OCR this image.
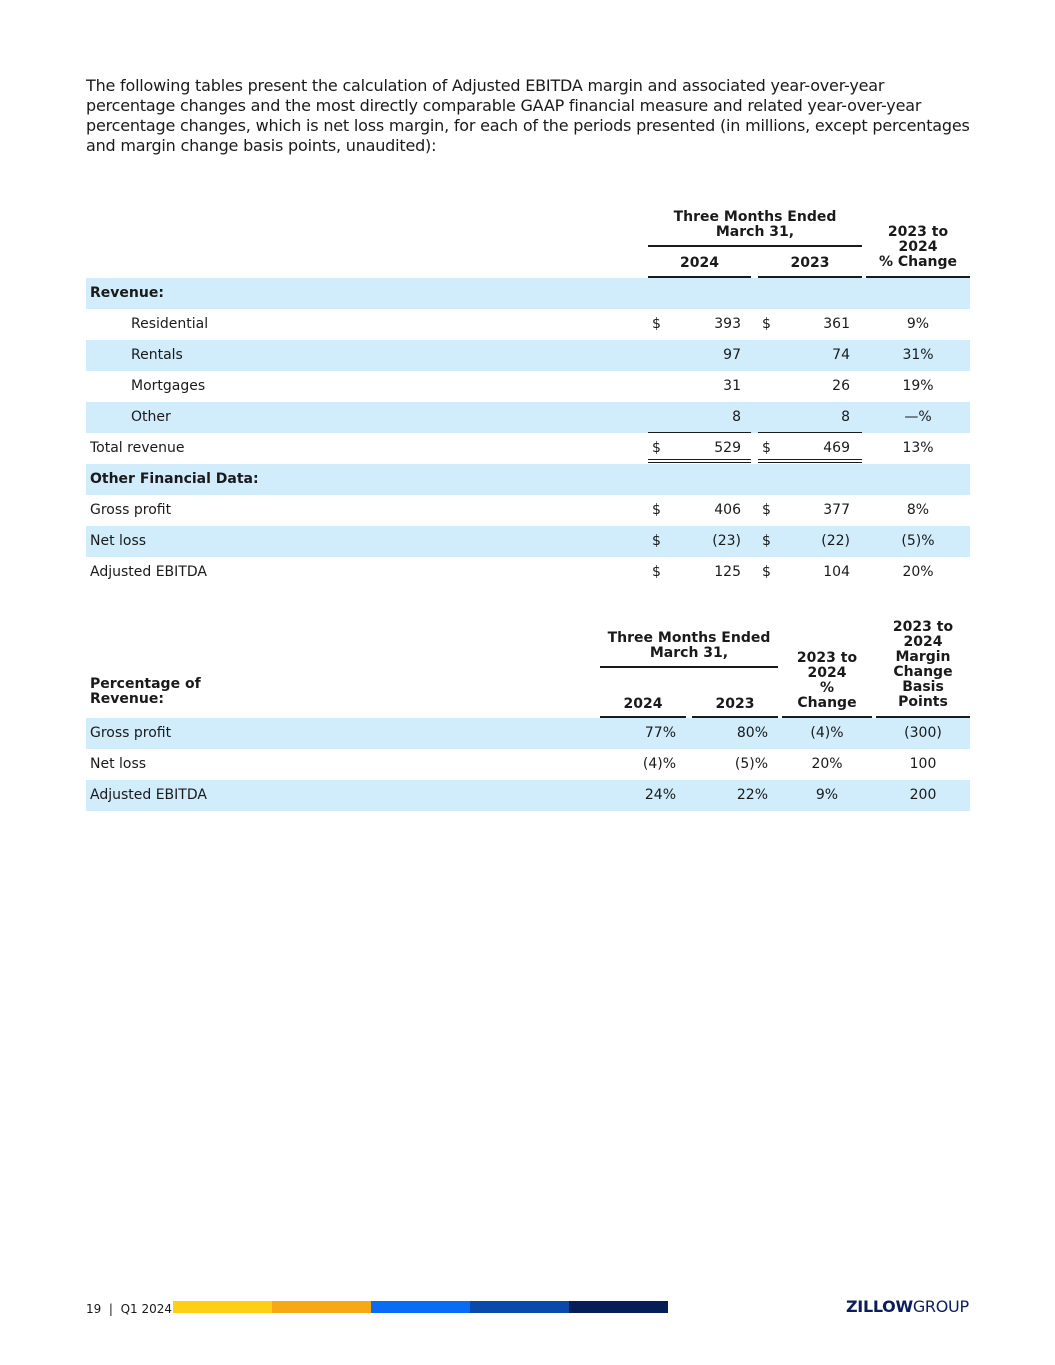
The following tables present the calculation of Adjusted EBITDA margin and associated year-over-year percentage changes and the most directly comparable GAAP financial measure and related year-over-year percentage changes, which is net loss margin, for each of the periods presented (in millions, except percentages and margin change basis points, unaudited):

Three Months Ended
March 31,
2024	2023
2023 to
2024
% Change
Revenue:
Residential	$	393 $	361	9%
Rentals	97	74	31%
Mortgages	31	26	19%
Other	8	8	—%
Total revenue	$	529 $	469	13%
Other Financial Data:
Gross profit	$	406 $	377	8%
Net loss	$	(23) $	(22)	(5)%
Adjusted EBITDA	$	125 $	104	20%
Percentage of
Revenue:
Three Months Ended
March 31,
2024	2023
2023 to
2024
%
Change
2023 to
2024
Margin
Change
Basis
Points
Gross profit	77%	80%	(4)%	(300)
Net loss	(4)%	(5)%	20%	100
Adjusted EBITDA	24%	22%	9%	200
19  |  Q1 2024	ZILLOWGROUP
